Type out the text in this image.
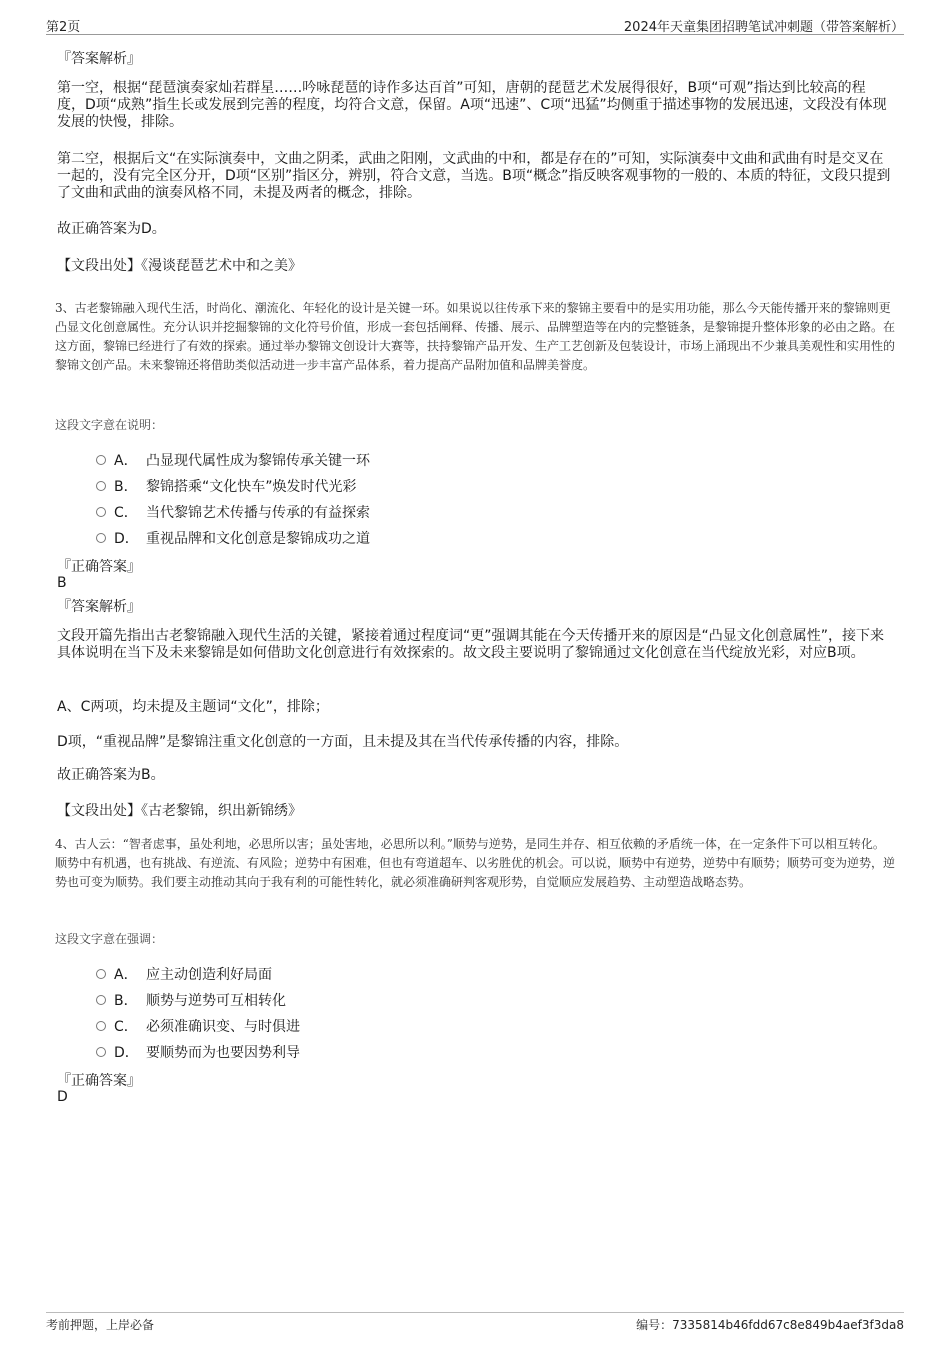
第2页	2024年天童集团招聘笔试冲刺题（带答案解析）
『答案解析』
第一空，根据“琵琶演奏家灿若群星……吟咏琵琶的诗作多达百首”可知，唐朝的琵琶艺术发展得很好，B项“可观”指达到比较高的程度，D项“成熟”指生长或发展到完善的程度，均符合文意，保留。A项“迅速”、C项“迅猛”均侧重于描述事物的发展迅速，文段没有体现发展的快慢，排除。
第二空，根据后文“在实际演奏中，文曲之阴柔，武曲之阳刚，文武曲的中和，都是存在的”可知，实际演奏中文曲和武曲有时是交叉在一起的，没有完全区分开，D项“区别”指区分，辨别，符合文意，当选。B项“概念”指反映客观事物的一般的、本质的特征，文段只提到了文曲和武曲的演奏风格不同，未提及两者的概念，排除。
故正确答案为D。
【文段出处】《漫谈琵琶艺术中和之美》
3、古老黎锦融入现代生活，时尚化、潮流化、年轻化的设计是关键一环。如果说以往传承下来的黎锦主要看中的是实用功能，那么今天能传播开来的黎锦则更凸显文化创意属性。充分认识并挖掘黎锦的文化符号价值，形成一套包括阐释、传播、展示、品牌塑造等在内的完整链条，是黎锦提升整体形象的必由之路。在这方面，黎锦已经进行了有效的探索。通过举办黎锦文创设计大赛等，扶持黎锦产品开发、生产工艺创新及包装设计，市场上涌现出不少兼具美观性和实用性的黎锦文创产品。未来黎锦还将借助类似活动进一步丰富产品体系，着力提高产品附加值和品牌美誉度。
这段文字意在说明：
A． 凸显现代属性成为黎锦传承关键一环
B． 黎锦搭乘“文化快车”焕发时代光彩
C． 当代黎锦艺术传播与传承的有益探索
D． 重视品牌和文化创意是黎锦成功之道
『正确答案』
B
『答案解析』
文段开篇先指出古老黎锦融入现代生活的关键，紧接着通过程度词“更”强调其能在今天传播开来的原因是“凸显文化创意属性”，接下来具体说明在当下及未来黎锦是如何借助文化创意进行有效探索的。故文段主要说明了黎锦通过文化创意在当代绽放光彩，对应B项。
A、C两项，均未提及主题词“文化”，排除；
D项，“重视品牌”是黎锦注重文化创意的一方面，且未提及其在当代传承传播的内容，排除。
故正确答案为B。
【文段出处】《古老黎锦，织出新锦绣》
4、古人云：“智者虑事，虽处利地，必思所以害；虽处害地，必思所以利。”顺势与逆势，是同生并存、相互依赖的矛盾统一体，在一定条件下可以相互转化。顺势中有机遇，也有挑战、有逆流、有风险；逆势中有困难，但也有弯道超车、以劣胜优的机会。可以说，顺势中有逆势，逆势中有顺势；顺势可变为逆势，逆势也可变为顺势。我们要主动推动其向于我有利的可能性转化，就必须准确研判客观形势，自觉顺应发展趋势、主动塑造战略态势。
这段文字意在强调：
A． 应主动创造利好局面
B． 顺势与逆势可互相转化
C． 必须准确识变、与时俱进
D． 要顺势而为也要因势利导
『正确答案』
D
考前押题，上岸必备	编号：7335814b46fdd67c8e849b4aef3f3da8
